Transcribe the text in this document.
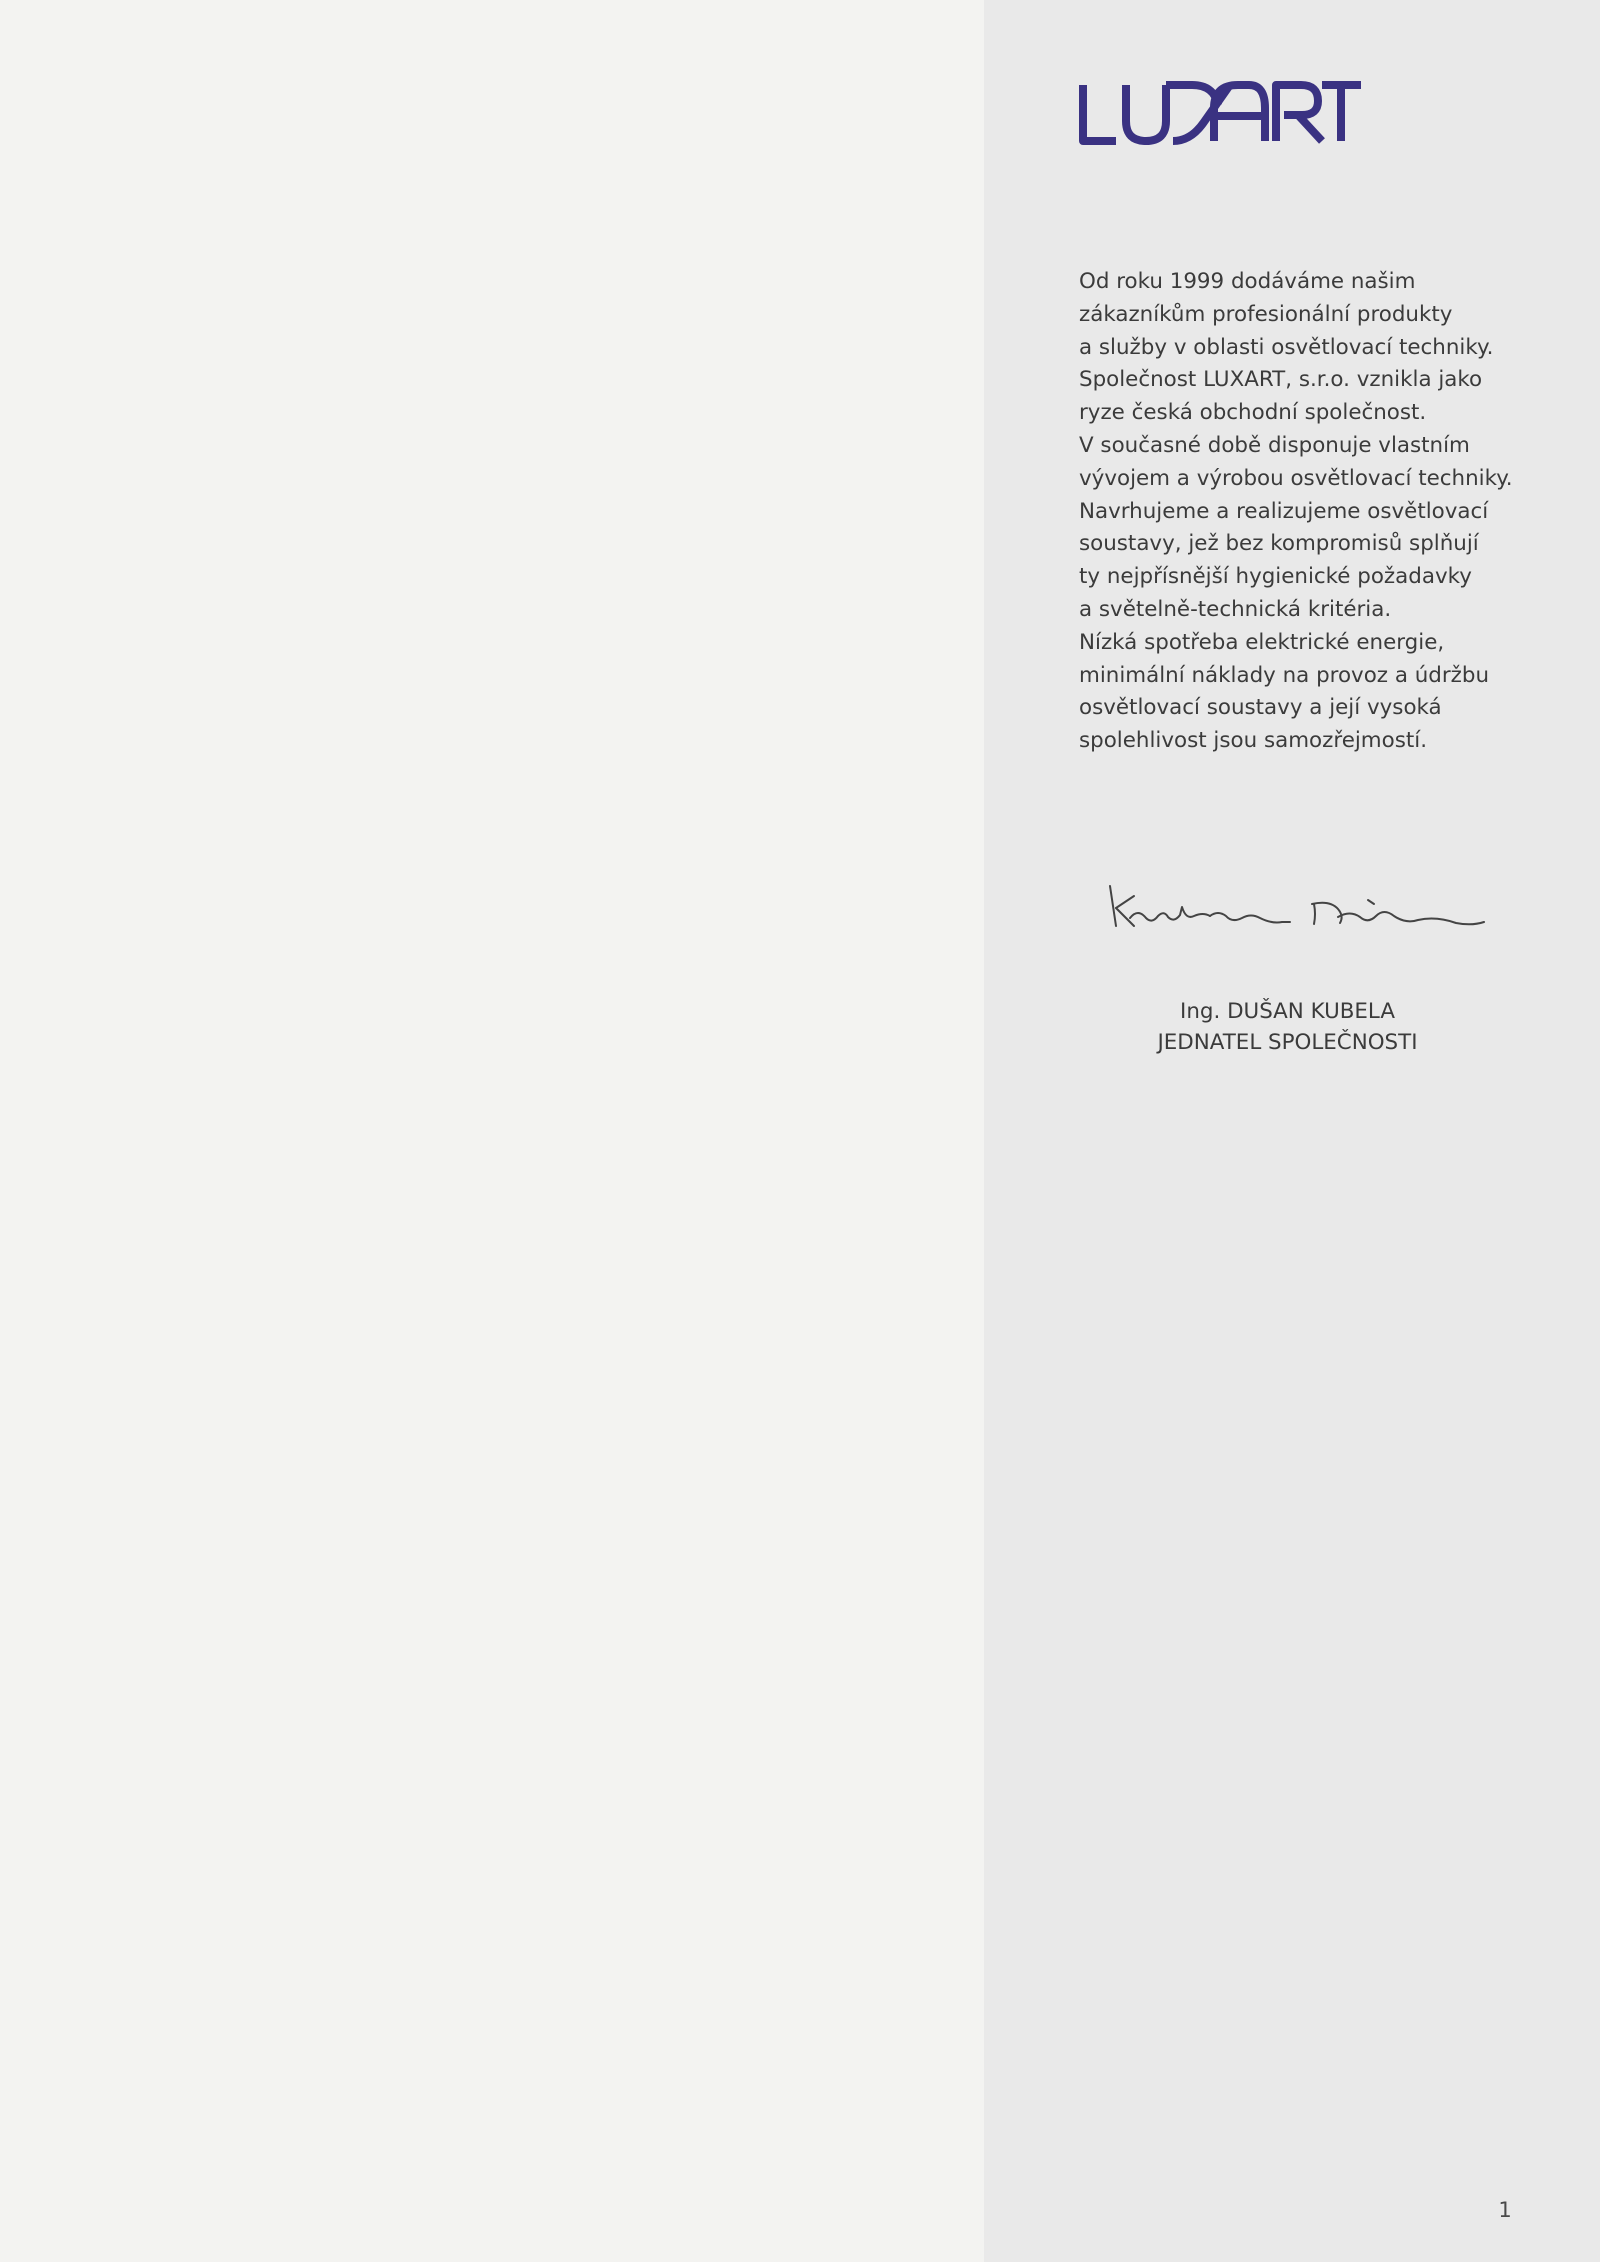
Od roku 1999 dodáváme našim

zákazníkům profesionální produkty

a služby v oblasti osvětlovací techniky.

Společnost LUXART, s.r.o. vznikla jako

ryze česká obchodní společnost.

V současné době disponuje vlastním

vývojem a výrobou osvětlovací techniky.

Navrhujeme a realizujeme osvětlovací

soustavy, jež bez kompromisů splňují

ty nejpřísnější hygienické požadavky

a světelně-technická kritéria.

Nízká spotřeba elektrické energie,

minimální náklady na provoz a údržbu

osvětlovací soustavy a její vysoká

spolehlivost jsou samozřejmostí.

Ing. DUŠAN KUBELA
JEDNATEL SPOLEČNOSTI
1
